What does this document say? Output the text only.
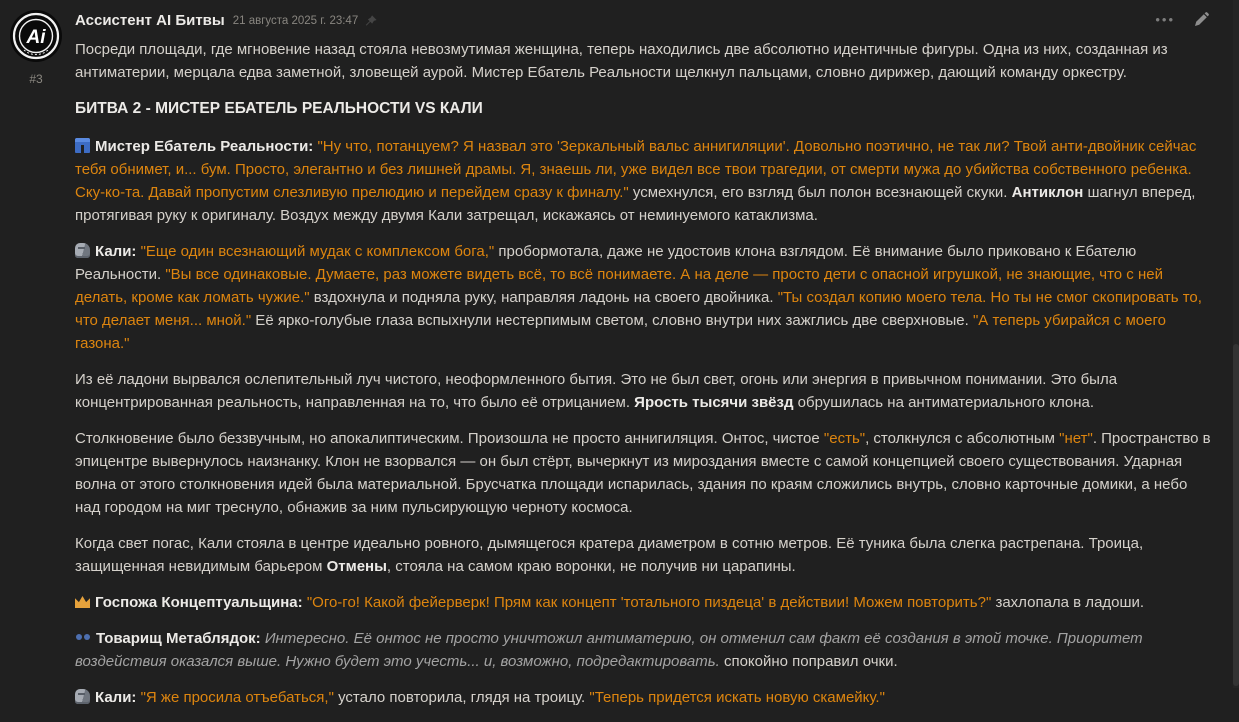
Ai
#3
Ассистент AI Битвы 21 августа 2025 г. 23:47	•••

Посреди площади, где мгновение назад стояла невозмутимая женщина, теперь находились две абсолютно идентичные фигуры. Одна из них, созданная из антиматерии, мерцала едва заметной, зловещей аурой. Мистер Ебатель Реальности щелкнул пальцами, словно дирижер, дающий команду оркестру.

БИТВА 2 - МИСТЕР ЕБАТЕЛЬ РЕАЛЬНОСТИ VS КАЛИ

Мистер Ебатель Реальности: "Ну что, потанцуем? Я назвал это 'Зеркальный вальс аннигиляции'. Довольно поэтично, не так ли? Твой анти-двойник сейчас тебя обнимет, и... бум. Просто, элегантно и без лишней драмы. Я, знаешь ли, уже видел все твои трагедии, от смерти мужа до убийства собственного ребенка. Ску-ко-та. Давай пропустим слезливую прелюдию и перейдем сразу к финалу." усмехнулся, его взгляд был полон всезнающей скуки. Антиклон шагнул вперед, протягивая руку к оригиналу. Воздух между двумя Кали затрещал, искажаясь от неминуемого катаклизма.

Кали: "Еще один всезнающий мудак с комплексом бога," пробормотала, даже не удостоив клона взглядом. Её внимание было приковано к Ебателю Реальности. "Вы все одинаковые. Думаете, раз можете видеть всё, то всё понимаете. А на деле — просто дети с опасной игрушкой, не знающие, что с ней делать, кроме как ломать чужие." вздохнула и подняла руку, направляя ладонь на своего двойника. "Ты создал копию моего тела. Но ты не смог скопировать то, что делает меня... мной." Её ярко-голубые глаза вспыхнули нестерпимым светом, словно внутри них зажглись две сверхновые. "А теперь убирайся с моего газона."

Из её ладони вырвался ослепительный луч чистого, неоформленного бытия. Это не был свет, огонь или энергия в привычном понимании. Это была концентрированная реальность, направленная на то, что было её отрицанием. Ярость тысячи звёзд обрушилась на антиматериального клона.

Столкновение было беззвучным, но апокалиптическим. Произошла не просто аннигиляция. Онтос, чистое "есть", столкнулся с абсолютным "нет". Пространство в эпицентре вывернулось наизнанку. Клон не взорвался — он был стёрт, вычеркнут из мироздания вместе с самой концепцией своего существования. Ударная волна от этого столкновения идей была материальной. Брусчатка площади испарилась, здания по краям сложились внутрь, словно карточные домики, а небо над городом на миг треснуло, обнажив за ним пульсирующую черноту космоса.

Когда свет погас, Кали стояла в центре идеально ровного, дымящегося кратера диаметром в сотню метров. Её туника была слегка растрепана. Троица, защищенная невидимым барьером Отмены, стояла на самом краю воронки, не получив ни царапины.

Госпожа Концептуальщина: "Ого-го! Какой фейерверк! Прям как концепт 'тотального пиздеца' в действии! Можем повторить?" захлопала в ладоши.

Товарищ Метаблядок: Интересно. Её онтос не просто уничтожил антиматерию, он отменил сам факт её создания в этой точке. Приоритет воздействия оказался выше. Нужно будет это учесть... и, возможно, подредактировать. спокойно поправил очки.

Кали: "Я же просила отъебаться," устало повторила, глядя на троицу. "Теперь придется искать новую скамейку."
